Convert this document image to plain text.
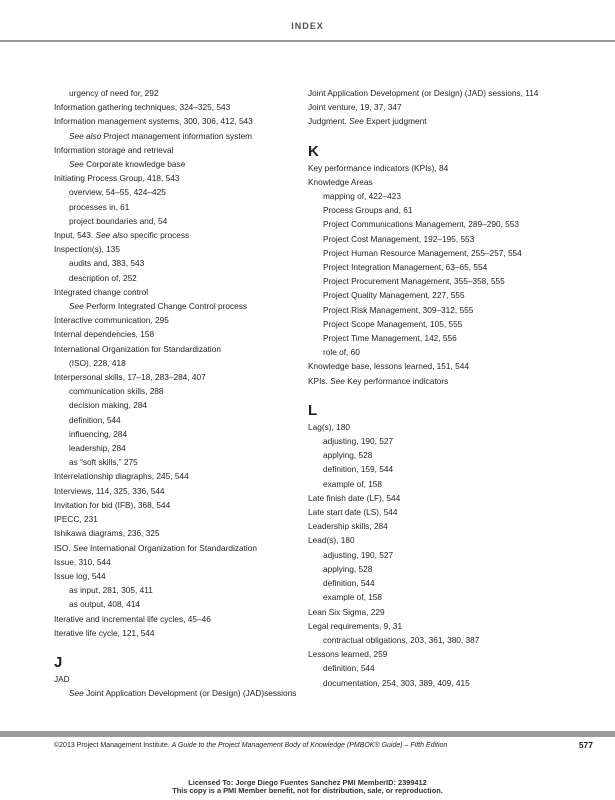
INDEX
urgency of need for, 292
Information gathering techniques, 324–325, 543
Information management systems, 300, 306, 412, 543
See also Project management information system
Information storage and retrieval
See Corporate knowledge base
Initiating Process Group, 418, 543
overview, 54–55, 424–425
processes in, 61
project boundaries and, 54
Input, 543. See also specific process
Inspection(s), 135
audits and, 383, 543
description of, 252
Integrated change control
See Perform Integrated Change Control process
Interactive communication, 295
Internal dependencies, 158
International Organization for Standardization
(ISO), 228, 418
Interpersonal skills, 17–18, 283–284, 407
communication skills, 288
decision making, 284
definition, 544
influencing, 284
leadership, 284
as “soft skills,” 275
Interrelationship diagraphs, 245, 544
Interviews, 114, 325, 336, 544
Invitation for bid (IFB), 368, 544
IPECC, 231
Ishikawa diagrams, 236, 325
ISO. See International Organization for Standardization
Issue, 310, 544
Issue log, 544
as input, 281, 305, 411
as output, 408, 414
Iterative and incremental life cycles, 45–46
Iterative life cycle, 121, 544
J
JAD
See Joint Application Development (or Design) (JAD)sessions
Joint Application Development (or Design) (JAD) sessions, 114
Joint venture, 19, 37, 347
Judgment. See Expert judgment
K
Key performance indicators (KPIs), 84
Knowledge Areas
mapping of, 422–423
Process Groups and, 61
Project Communications Management, 289–290, 553
Project Cost Management, 192–195, 553
Project Human Resource Management, 255–257, 554
Project Integration Management, 63–65, 554
Project Procurement Management, 355–358, 555
Project Quality Management, 227, 555
Project Risk Management, 309–312, 555
Project Scope Management, 105, 555
Project Time Management, 142, 556
role of, 60
Knowledge base, lessons learned, 151, 544
KPIs. See Key performance indicators
L
Lag(s), 180
adjusting, 190, 527
applying, 528
definition, 159, 544
example of, 158
Late finish date (LF), 544
Late start date (LS), 544
Leadership skills, 284
Lead(s), 180
adjusting, 190, 527
applying, 528
definition, 544
example of, 158
Lean Six Sigma, 229
Legal requirements, 9, 31
contractual obligations, 203, 361, 380, 387
Lessons learned, 259
definition, 544
documentation, 254, 303, 389, 409, 415
©2013 Project Management Institute. A Guide to the Project Management Body of Knowledge (PMBOK® Guide) – Fifth Edition	577
Licensed To: Jorge Diego Fuentes Sanchez PMI MemberID: 2399412
This copy is a PMI Member benefit, not for distribution, sale, or reproduction.
